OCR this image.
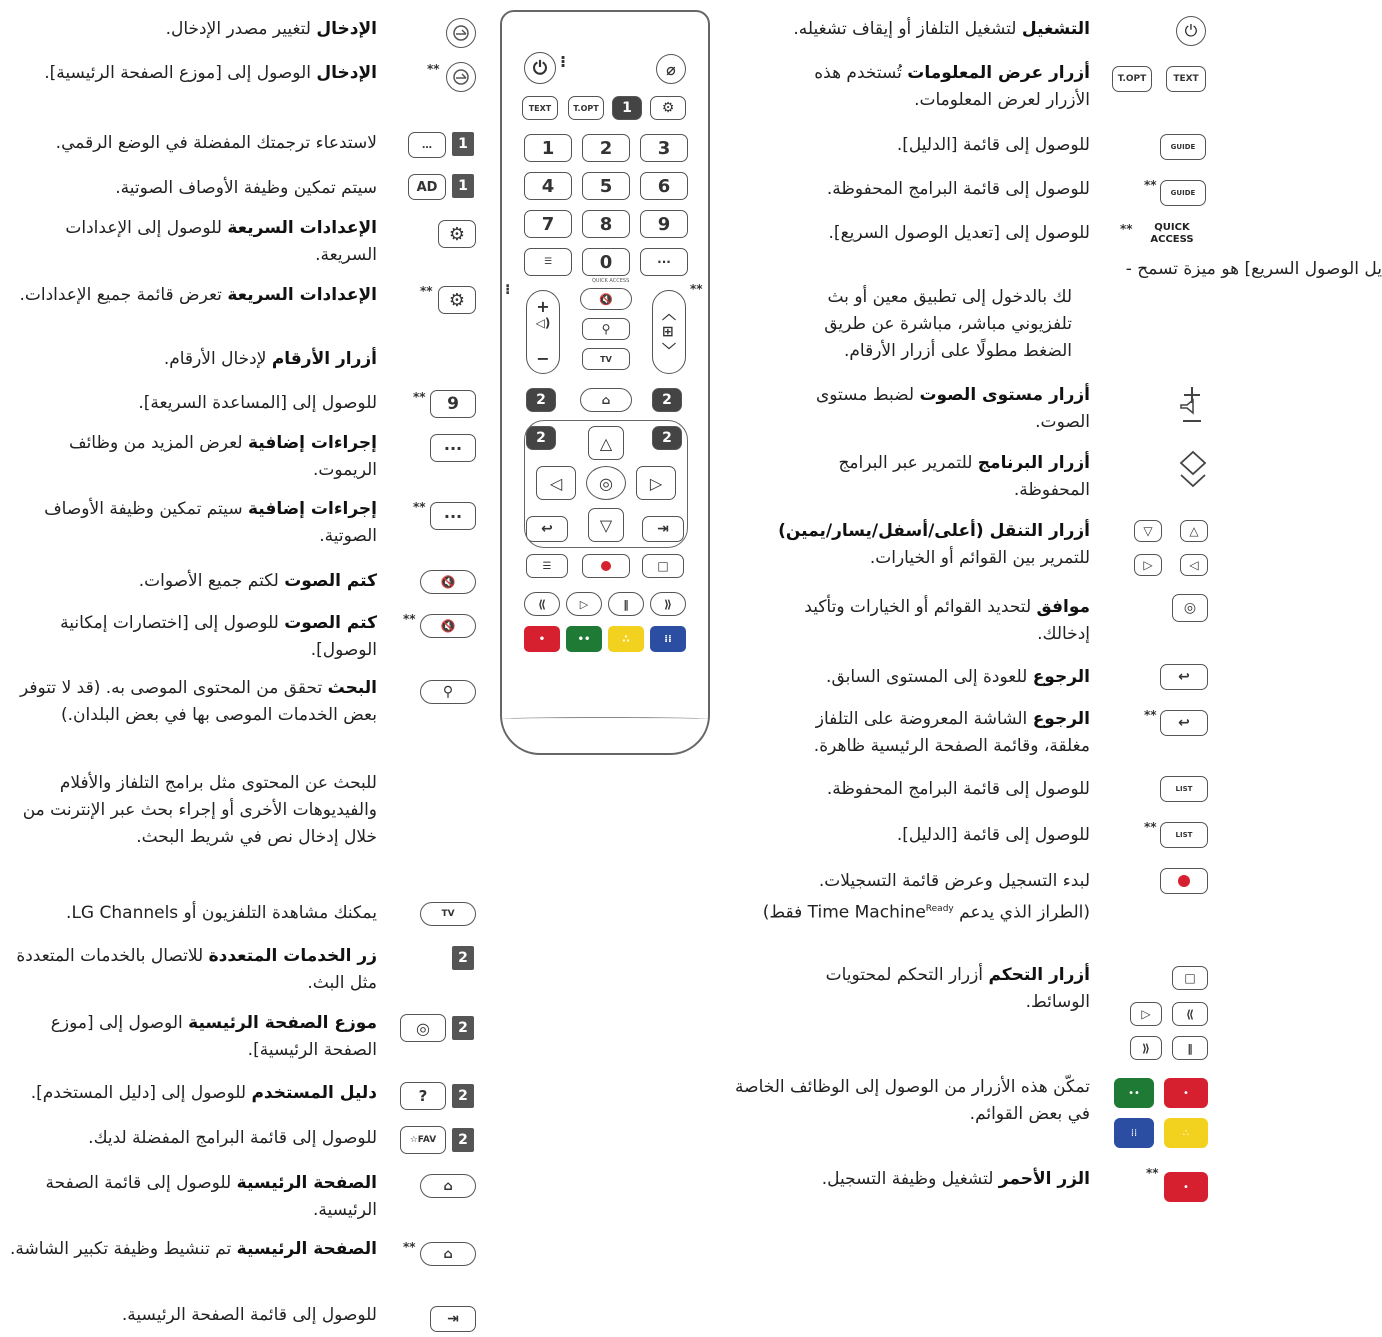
الإدخال لتغيير مصدر الإدخال.
الإدخال الوصول إلى [موزع الصفحة الرئيسية].
لاستدعاء ترجمتك المفضلة في الوضع الرقمي.
سيتم تمكين وظيفة الأوصاف الصوتية.
الإعدادات السريعة للوصول إلى الإعدادات السريعة.
الإعدادات السريعة تعرض قائمة جميع الإعدادات.
أزرار الأرقام لإدخال الأرقام.
للوصول إلى [المساعدة السريعة].
إجراءات إضافية لعرض المزيد من وظائف الريموت.
إجراءات إضافية سيتم تمكين وظيفة الأوصاف الصوتية.
كتم الصوت لكتم جميع الأصوات.
كتم الصوت للوصول إلى [اختصارات إمكانية الوصول].
البحث تحقق من المحتوى الموصى به. (قد لا تتوفر بعض الخدمات الموصى بها في بعض البلدان.)
للبحث عن المحتوى مثل برامج التلفاز والأفلام والفيديوهات الأخرى أو إجراء بحث عبر الإنترنت من خلال إدخال نص في شريط البحث.
يمكنك مشاهدة التلفزيون أو LG Channels.
زر الخدمات المتعددة للاتصال بالخدمات المتعددة مثل البث.
موزع الصفحة الرئيسية الوصول إلى [موزع الصفحة الرئيسية].
دليل المستخدم للوصول إلى [دليل المستخدم].
للوصول إلى قائمة البرامج المفضلة لديك.
الصفحة الرئيسية للوصول إلى قائمة الصفحة الرئيسية.
الصفحة الرئيسية تم تنشيط وظيفة تكبير الشاشة.
للوصول إلى قائمة الصفحة الرئيسية.
**
…	1
AD	1
⚙
** ⚙
**	9
···
**	···
🔇
**	🔇
⚲
TV
2
◎	2
?	2
☆FAV	2
⌂
**	⌂
⇥
⏻ ⁝	⌀
TEXT	T.OPT	1	⚙
1	2	3
4	5	6
7	8	9
☰	0	···
QUICK ACCESS
+

◁)

−
🔇
⚲
TV
︿
⊞
﹀
2	⌂	2
2	2
△
◁	◎	▷
▽
↩	⇥
☰	□
⟪	▷	‖	⟫
•	••	∴	⁞⁞
⁝	**
التشغيل لتشغيل التلفاز أو إيقاف تشغيله.
أزرار عرض المعلومات تُستخدم هذه الأزرار لعرض المعلومات.
للوصول إلى قائمة [الدليل].
للوصول إلى قائمة البرامج المحفوظة.
للوصول إلى [تعديل الوصول السريع].
يل الوصول السريع] هو ميزة تسمح -
لك بالدخول إلى تطبيق معين أو بث تلفزيوني مباشر، مباشرة عن طريق الضغط مطولًا على أزرار الأرقام.
أزرار مستوى الصوت لضبط مستوى الصوت.
أزرار البرنامج للتمرير عبر البرامج المحفوظة.
أزرار التنقل (أعلى/أسفل/يسار/يمين) للتمرير بين القوائم أو الخيارات.
موافق لتحديد القوائم أو الخيارات وتأكيد إدخالك.
الرجوع للعودة إلى المستوى السابق.
الرجوع الشاشة المعروضة على التلفاز مغلقة، وقائمة الصفحة الرئيسية ظاهرة.
للوصول إلى قائمة البرامج المحفوظة.
للوصول إلى قائمة [الدليل].
لبدء التسجيل وعرض قائمة التسجيلات.
(الطراز الذي يدعم Time Machine$^{Ready}$ فقط)
أزرار التحكم أزرار التحكم لمحتويات الوسائط.
تمكّن هذه الأزرار من الوصول إلى الوظائف الخاصة في بعض القوائم.
الزر الأحمر لتشغيل وظيفة التسجيل.
⏻
T.OPT	TEXT
GUIDE
**
GUIDE
**	QUICK ACCESS
▽	△
▷	◁
◎
↩
**	↩
LIST
**
LIST
□
▷	⟪
⟫	‖
••	•
⁞⁞	∴
**
•
